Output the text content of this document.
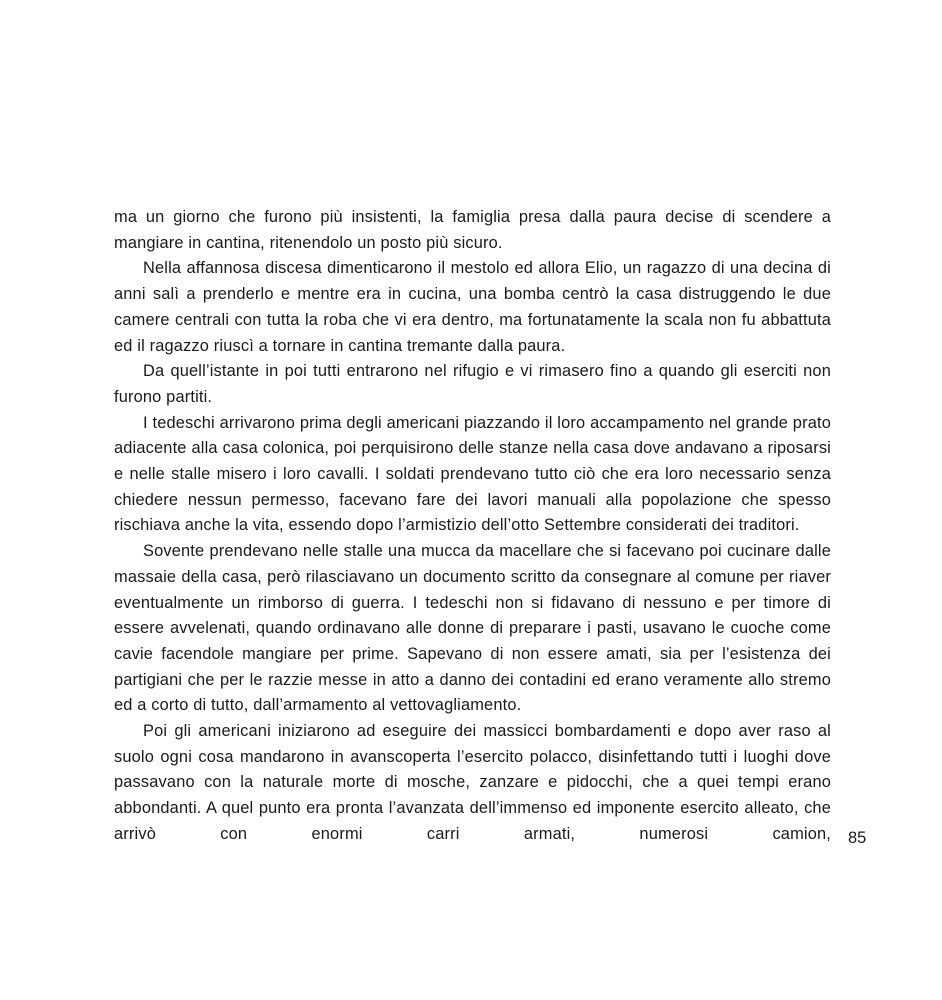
ma un giorno che furono più insistenti, la famiglia presa dalla paura decise di scendere a mangiare in cantina, ritenendolo un posto più sicuro.

Nella affannosa discesa dimenticarono il mestolo ed allora Elio, un ragazzo di una decina di anni salì a prenderlo e mentre era in cucina, una bomba centrò la casa distruggendo le due camere centrali con tutta la roba che vi era dentro, ma fortunatamente la scala non fu abbattuta ed il ragazzo riuscì a tornare in cantina tremante dalla paura.

Da quell’istante in poi tutti entrarono nel rifugio e vi rimasero fino a quando gli eserciti non furono partiti.

I tedeschi arrivarono prima degli americani piazzando il loro accampamento nel grande prato adiacente alla casa colonica, poi perquisirono delle stanze nella casa dove andavano a riposarsi e nelle stalle misero i loro cavalli. I soldati prendevano tutto ciò che era loro necessario senza chiedere nessun permesso, facevano fare dei lavori manuali alla popolazione che spesso rischiava anche la vita, essendo dopo l’armistizio dell’otto Settembre considerati dei traditori.

Sovente prendevano nelle stalle una mucca da macellare che si facevano poi cucinare dalle massaie della casa, però rilasciavano un documento scritto da consegnare al comune per riaver eventualmente un rimborso di guerra. I tedeschi non si fidavano di nessuno e per timore di essere avvelenati, quando ordinavano alle donne di preparare i pasti, usavano le cuoche come cavie facendole mangiare per prime. Sapevano di non essere amati, sia per l’esistenza dei partigiani che per le razzie messe in atto a danno dei contadini ed erano veramente allo stremo ed a corto di tutto, dall’armamento al vettovagliamento.

Poi gli americani iniziarono ad eseguire dei massicci bombardamenti e dopo aver raso al suolo ogni cosa mandarono in avanscoperta l’esercito polacco, disinfettando tutti i luoghi dove passavano con la naturale morte di mosche, zanzare e pidocchi, che a quei tempi erano abbondanti. A quel punto era pronta l’avanzata dell’immenso ed imponente esercito alleato, che arrivò con enormi carri armati, numerosi camion, 85
